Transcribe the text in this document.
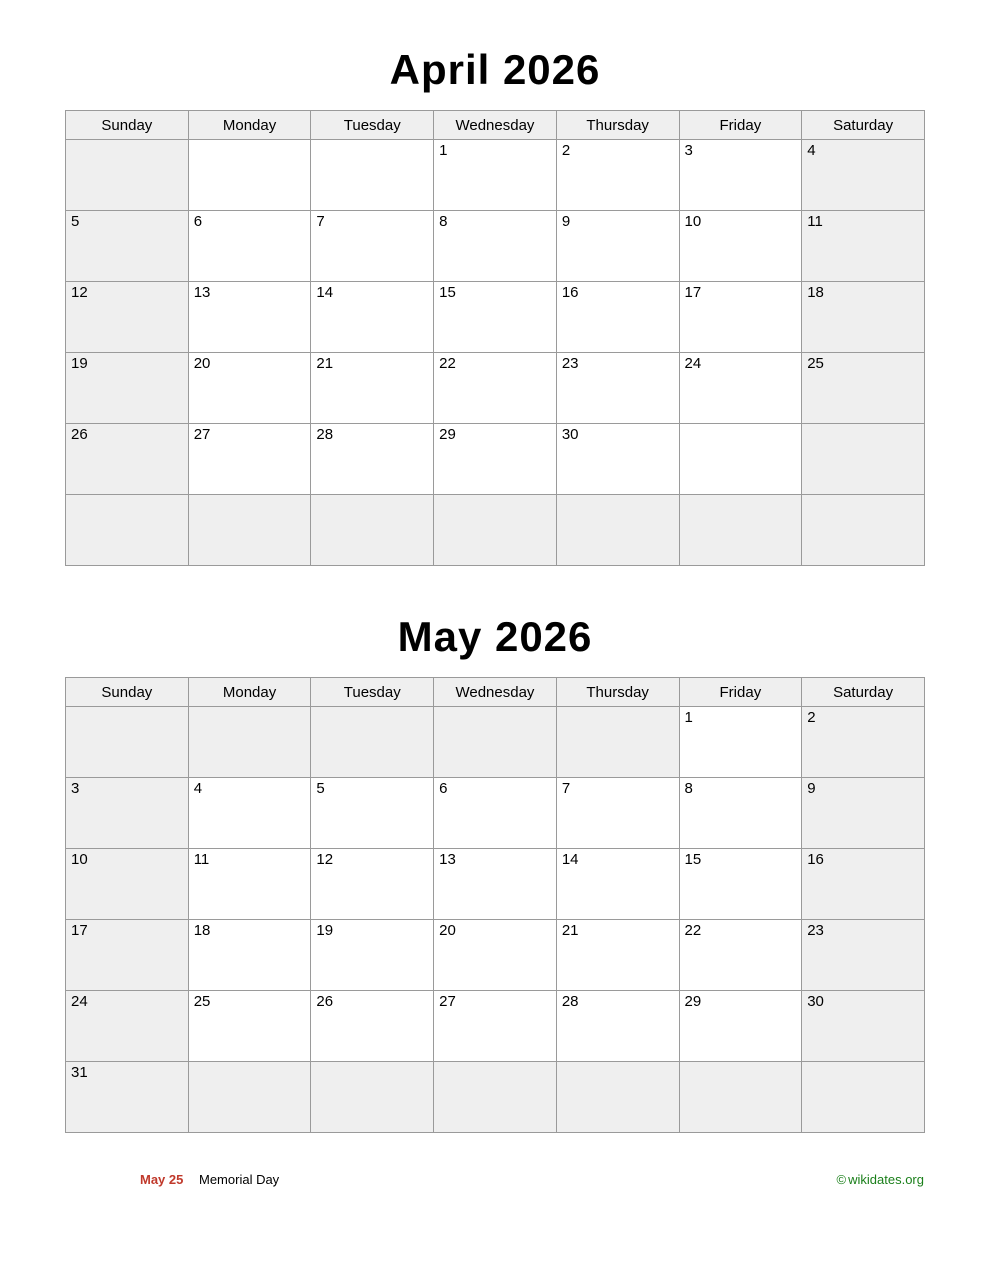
April 2026
Sunday	Monday	Tuesday	Wednesday	Thursday	Friday	Saturday

			1	2	3	4

5	6	7	8	9	10	11

12	13	14	15	16	17	18

19	20	21	22	23	24	25

26	27	28	29	30		

May 2026
Sunday	Monday	Tuesday	Wednesday	Thursday	Friday	Saturday

					1	2

3	4	5	6	7	8	9

10	11	12	13	14	15	16

17	18	19	20	21	22	23

24	25	26	27	28	29	30

31						

May 25 Memorial Day	© wikidates.org
